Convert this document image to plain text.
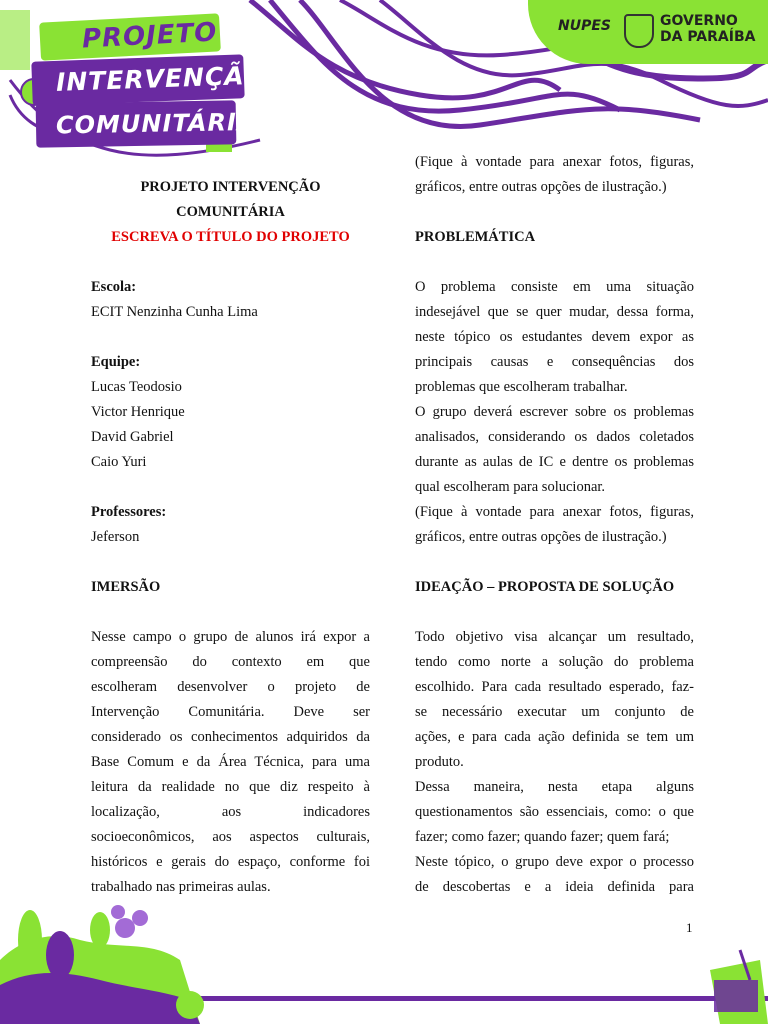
PROJETO
INTERVENÇÃO
COMUNITÁRIA
NUPES	GOVERNO
DA PARAÍBA
PROJETO INTERVENÇÃO
COMUNITÁRIA
ESCREVA O TÍTULO DO PROJETO
Escola:
ECIT Nenzinha Cunha Lima
Equipe:
Lucas Teodosio
Victor Henrique
David Gabriel
Caio Yuri
Professores:
Jeferson
IMERSÃO
Nesse campo o grupo de alunos irá expor a
compreensão do contexto em que
escolheram desenvolver o projeto de
Intervenção Comunitária. Deve ser
considerado os conhecimentos adquiridos da
Base Comum e da Área Técnica, para uma
leitura da realidade no que diz respeito à
localização, aos indicadores
socioeconômicos, aos aspectos culturais,
históricos e gerais do espaço, conforme foi
trabalhado nas primeiras aulas.
(Fique à vontade para anexar fotos, figuras,
gráficos, entre outras opções de ilustração.)
PROBLEMÁTICA
O problema consiste em uma situação
indesejável que se quer mudar, dessa forma,
neste tópico os estudantes devem expor as
principais causas e consequências dos
problemas que escolheram trabalhar.
O grupo deverá escrever sobre os problemas
analisados, considerando os dados coletados
durante as aulas de IC e dentre os problemas
qual escolheram para solucionar.
(Fique à vontade para anexar fotos, figuras,
gráficos, entre outras opções de ilustração.)
IDEAÇÃO – PROPOSTA DE SOLUÇÃO
Todo objetivo visa alcançar um resultado,
tendo como norte a solução do problema
escolhido. Para cada resultado esperado, faz-
se necessário executar um conjunto de
ações, e para cada ação definida se tem um
produto.
Dessa maneira, nesta etapa alguns
questionamentos são essenciais, como: o que
fazer; como fazer; quando fazer; quem fará;
Neste tópico, o grupo deve expor o processo
de descobertas e a ideia definida para
1
